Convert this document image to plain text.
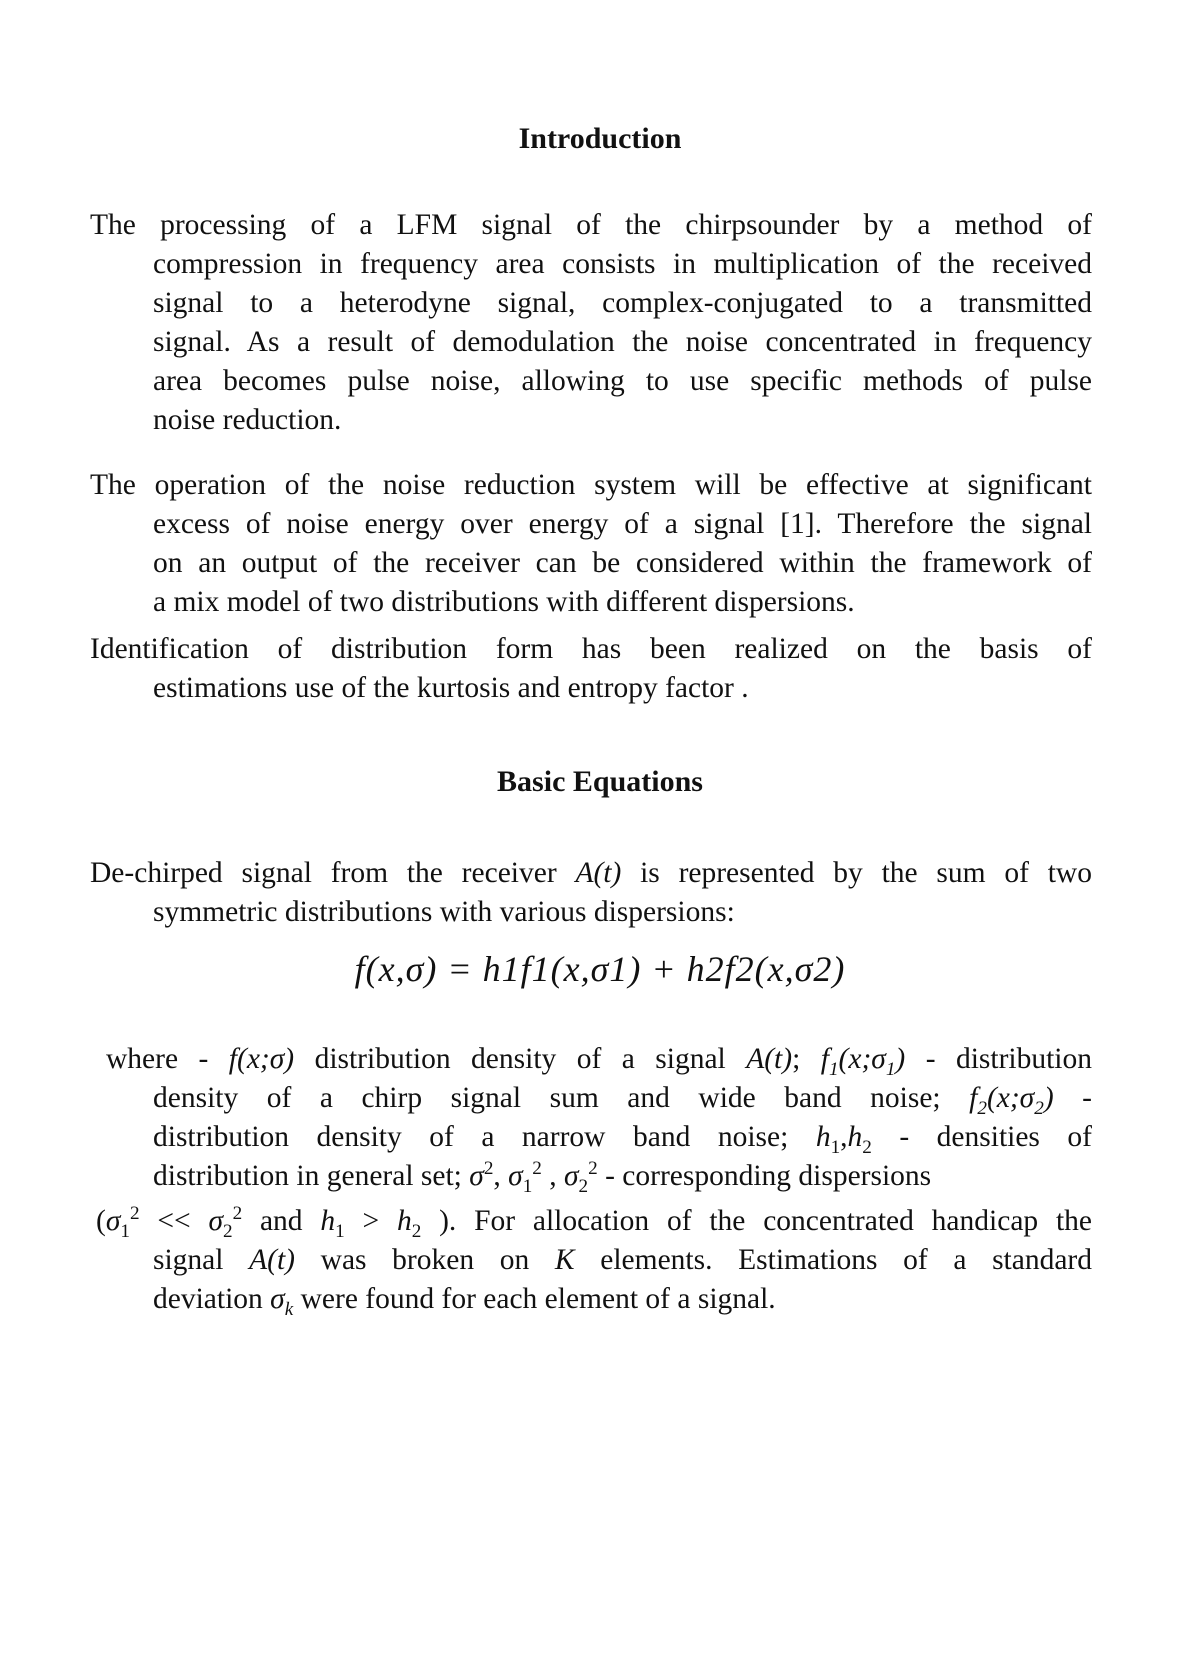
Introduction
The processing of a LFM signal of the chirpsounder by a method of
compression in frequency area consists in multiplication of the received
signal to a heterodyne signal, complex-conjugated to a transmitted
signal. As a result of demodulation the noise concentrated in frequency
area becomes pulse noise, allowing to use specific methods of pulse
noise reduction.
The operation of the noise reduction system will be effective at significant
excess of noise energy over energy of a signal [1]. Therefore the signal
on an output of the receiver can be considered within the framework of
a mix model of two distributions with different dispersions.
Identification of distribution form has been realized on the basis of
estimations use of the kurtosis and entropy factor .
Basic Equations
De-chirped signal from the receiver A(t) is represented by the sum of two
symmetric distributions with various dispersions:
f(x,σ) = h1f1(x,σ1) + h2f2(x,σ2)
where - f(x;σ) distribution density of a signal A(t); $f_1(x;\sigma_1)$ - distribution
density of a chirp signal sum and wide band noise; $f_2(x;\sigma_2)$ -
distribution density of a narrow band noise; $h_1,h_2$ - densities of
distribution in general set; $\sigma^2$, $\sigma_1^2$ , $\sigma_2^2$ - corresponding dispersions
($\sigma_1^2 << \sigma_2^2$ and $h_1 > h_2$ ). For allocation of the concentrated handicap the
signal A(t) was broken on K elements. Estimations of a standard
deviation $\sigma_k$ were found for each element of a signal.
